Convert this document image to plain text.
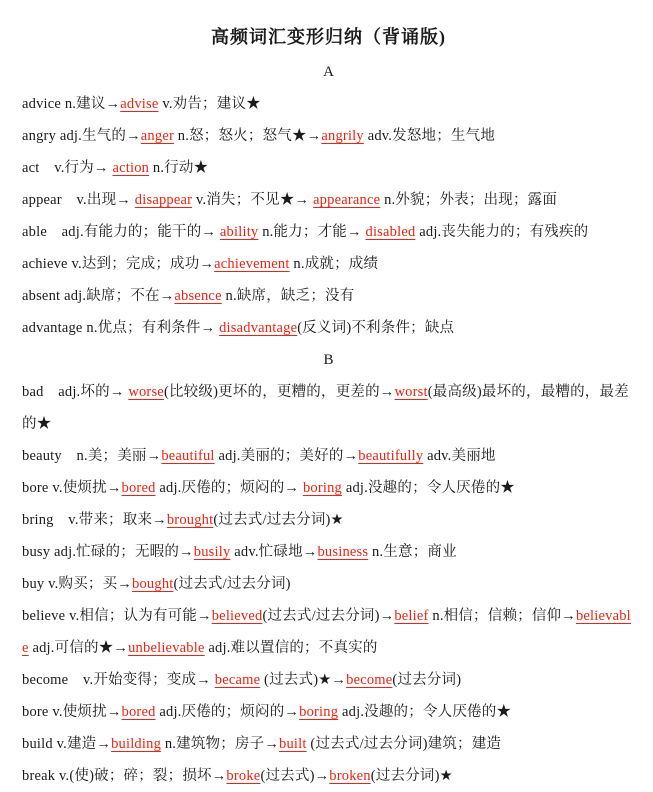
高频词汇变形归纳（背诵版)
A

advice n.建议→advise v.劝告；建议★

angry adj.生气的→anger n.怒；怒火；怒气★→angrily adv.发怒地；生气地

act　v.行为→ action n.行动★

appear　v.出现→ disappear v.消失；不见★→ appearance n.外貌；外表；出现；露面

able　adj.有能力的；能干的→ ability n.能力；才能→ disabled adj.丧失能力的；有残疾的

achieve v.达到；完成；成功→achievement n.成就；成绩

absent adj.缺席；不在→absence n.缺席，缺乏；没有

advantage n.优点；有利条件→ disadvantage(反义词)不利条件；缺点

B

bad　adj.坏的→ worse(比较级)更坏的，更糟的，更差的→worst(最高级)最坏的，最糟的，最差的★

beauty　n.美；美丽→beautiful adj.美丽的；美好的→beautifully adv.美丽地

bore v.使烦扰→bored adj.厌倦的；烦闷的→ boring adj.没趣的；令人厌倦的★

bring　v.带来；取来→brought(过去式/过去分词)★

busy adj.忙碌的；无暇的→busily adv.忙碌地→business n.生意；商业

buy v.购买；买→bought(过去式/过去分词)

believe v.相信；认为有可能→believed(过去式/过去分词)→belief n.相信；信赖；信仰→believable adj.可信的★→unbelievable adj.难以置信的；不真实的

become　v.开始变得；变成→ became (过去式)★→become(过去分词)

bore v.使烦扰→bored adj.厌倦的；烦闷的→boring adj.没趣的；令人厌倦的★

build v.建造→building n.建筑物；房子→built (过去式/过去分词)建筑；建造

break v.(使)破；碎；裂；损坏→broke(过去式)→broken(过去分词)★
